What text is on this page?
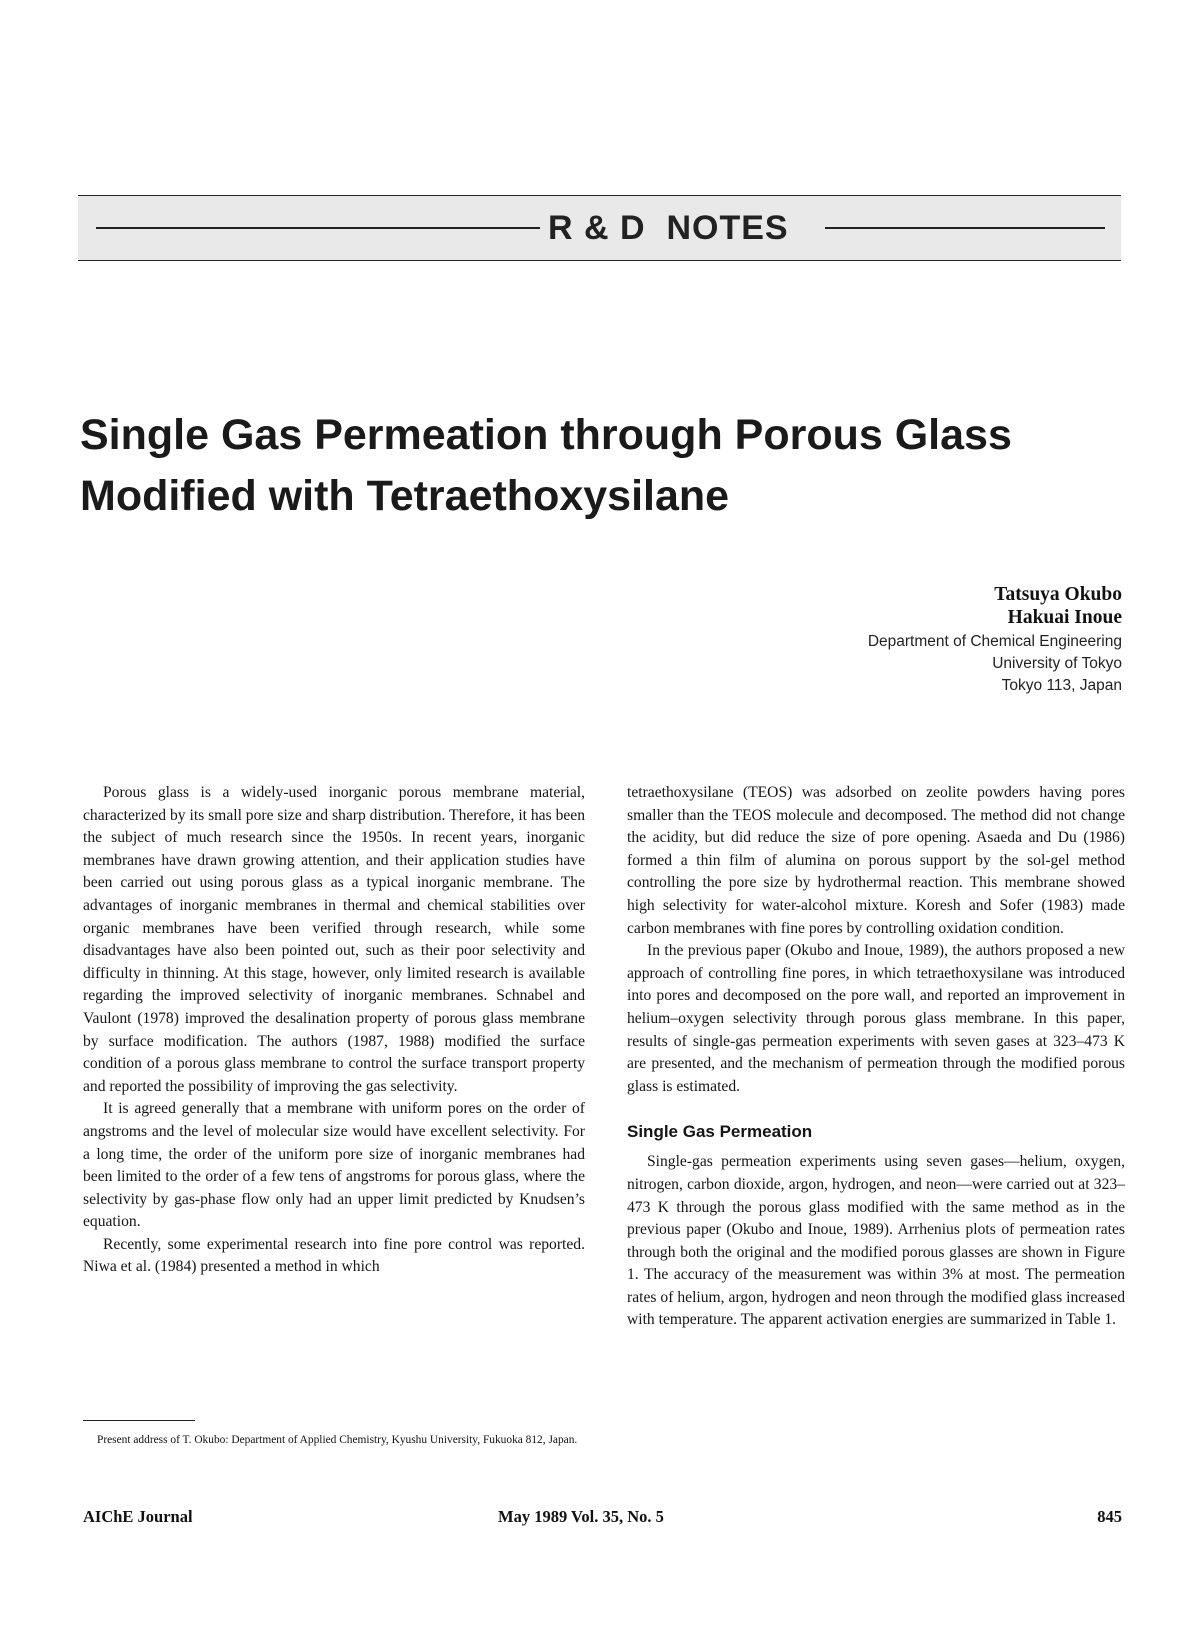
R & D  NOTES
Single Gas Permeation through Porous Glass
Modified with Tetraethoxysilane
Tatsuya Okubo
Hakuai Inoue
Department of Chemical Engineering
University of Tokyo
Tokyo 113, Japan

Porous glass is a widely-used inorganic porous membrane material, characterized by its small pore size and sharp distribution. Therefore, it has been the subject of much research since the 1950s. In recent years, inorganic membranes have drawn growing attention, and their application studies have been carried out using porous glass as a typical inorganic membrane. The advantages of inorganic membranes in thermal and chemical stabilities over organic membranes have been verified through research, while some disadvantages have also been pointed out, such as their poor selectivity and difficulty in thinning. At this stage, however, only limited research is available regarding the improved selectivity of inorganic membranes. Schnabel and Vaulont (1978) improved the desalination property of porous glass membrane by surface modification. The authors (1987, 1988) modified the surface condition of a porous glass membrane to control the surface transport property and reported the possibility of improving the gas selectivity.

It is agreed generally that a membrane with uniform pores on the order of angstroms and the level of molecular size would have excellent selectivity. For a long time, the order of the uniform pore size of inorganic membranes had been limited to the order of a few tens of angstroms for porous glass, where the selectivity by gas-phase flow only had an upper limit predicted by Knudsen’s equation.

Recently, some experimental research into fine pore control was reported. Niwa et al. (1984) presented a method in which

tetraethoxysilane (TEOS) was adsorbed on zeolite powders having pores smaller than the TEOS molecule and decomposed. The method did not change the acidity, but did reduce the size of pore opening. Asaeda and Du (1986) formed a thin film of alumina on porous support by the sol-gel method controlling the pore size by hydrothermal reaction. This membrane showed high selectivity for water-alcohol mixture. Koresh and Sofer (1983) made carbon membranes with fine pores by controlling oxidation condition.

In the previous paper (Okubo and Inoue, 1989), the authors proposed a new approach of controlling fine pores, in which tetraethoxysilane was introduced into pores and decomposed on the pore wall, and reported an improvement in helium–oxygen selectivity through porous glass membrane. In this paper, results of single-gas permeation experiments with seven gases at 323–473 K are presented, and the mechanism of permeation through the modified porous glass is estimated.

Single Gas Permeation

Single-gas permeation experiments using seven gases—helium, oxygen, nitrogen, carbon dioxide, argon, hydrogen, and neon—were carried out at 323–473 K through the porous glass modified with the same method as in the previous paper (Okubo and Inoue, 1989). Arrhenius plots of permeation rates through both the original and the modified porous glasses are shown in Figure 1. The accuracy of the measurement was within 3% at most. The permeation rates of helium, argon, hydrogen and neon through the modified glass increased with temperature. The apparent activation energies are summarized in Table 1.

Present address of T. Okubo: Department of Applied Chemistry, Kyushu University, Fukuoka 812, Japan.

AIChE Journal	May 1989 Vol. 35, No. 5	845
